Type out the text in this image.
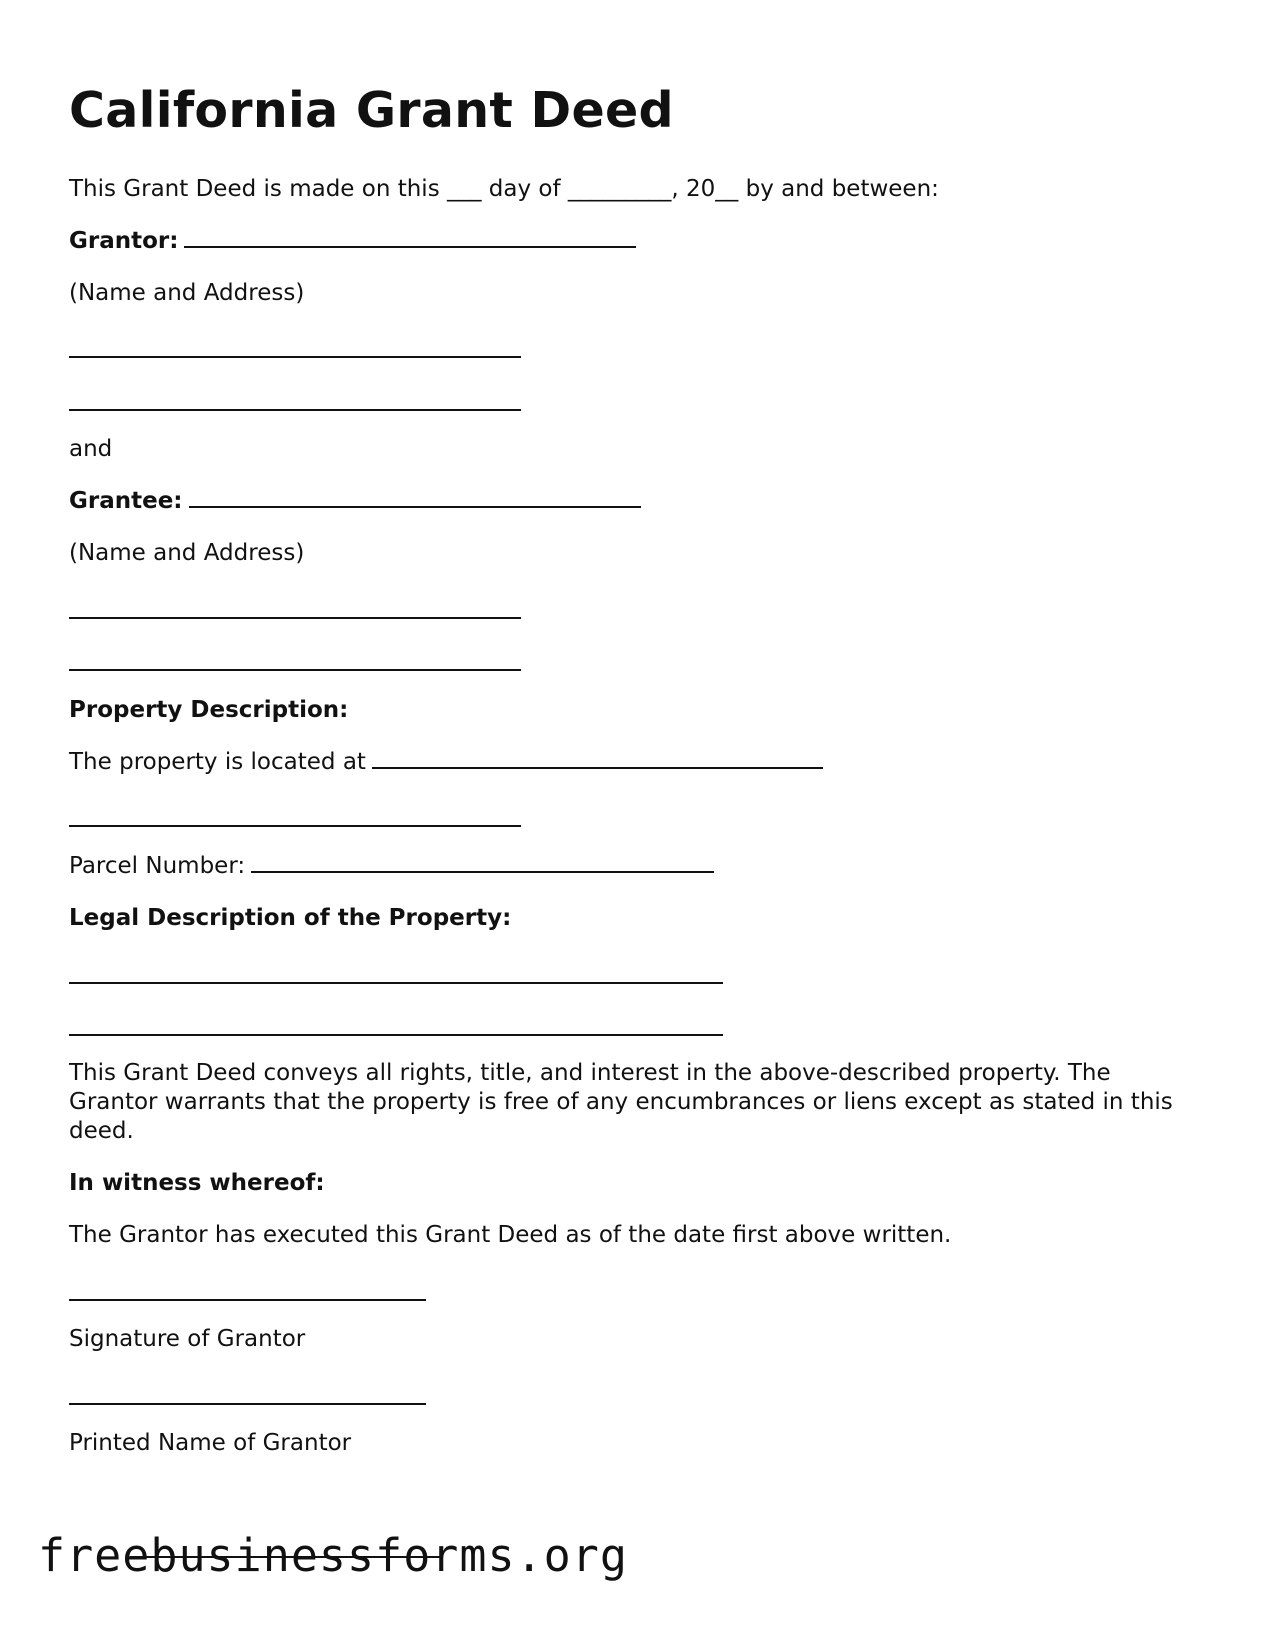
California Grant Deed
This Grant Deed is made on this ___ day of _________, 20__ by and between:
Grantor:
(Name and Address)
and
Grantee:
(Name and Address)
Property Description:
The property is located at
Parcel Number:
Legal Description of the Property:

This Grant Deed conveys all rights, title, and interest in the above-described property. The Grantor warrants that the property is free of any encumbrances or liens except as stated in this deed.

In witness whereof:
The Grantor has executed this Grant Deed as of the date first above written.
Signature of Grantor
Printed Name of Grantor
freebusinessforms.org
